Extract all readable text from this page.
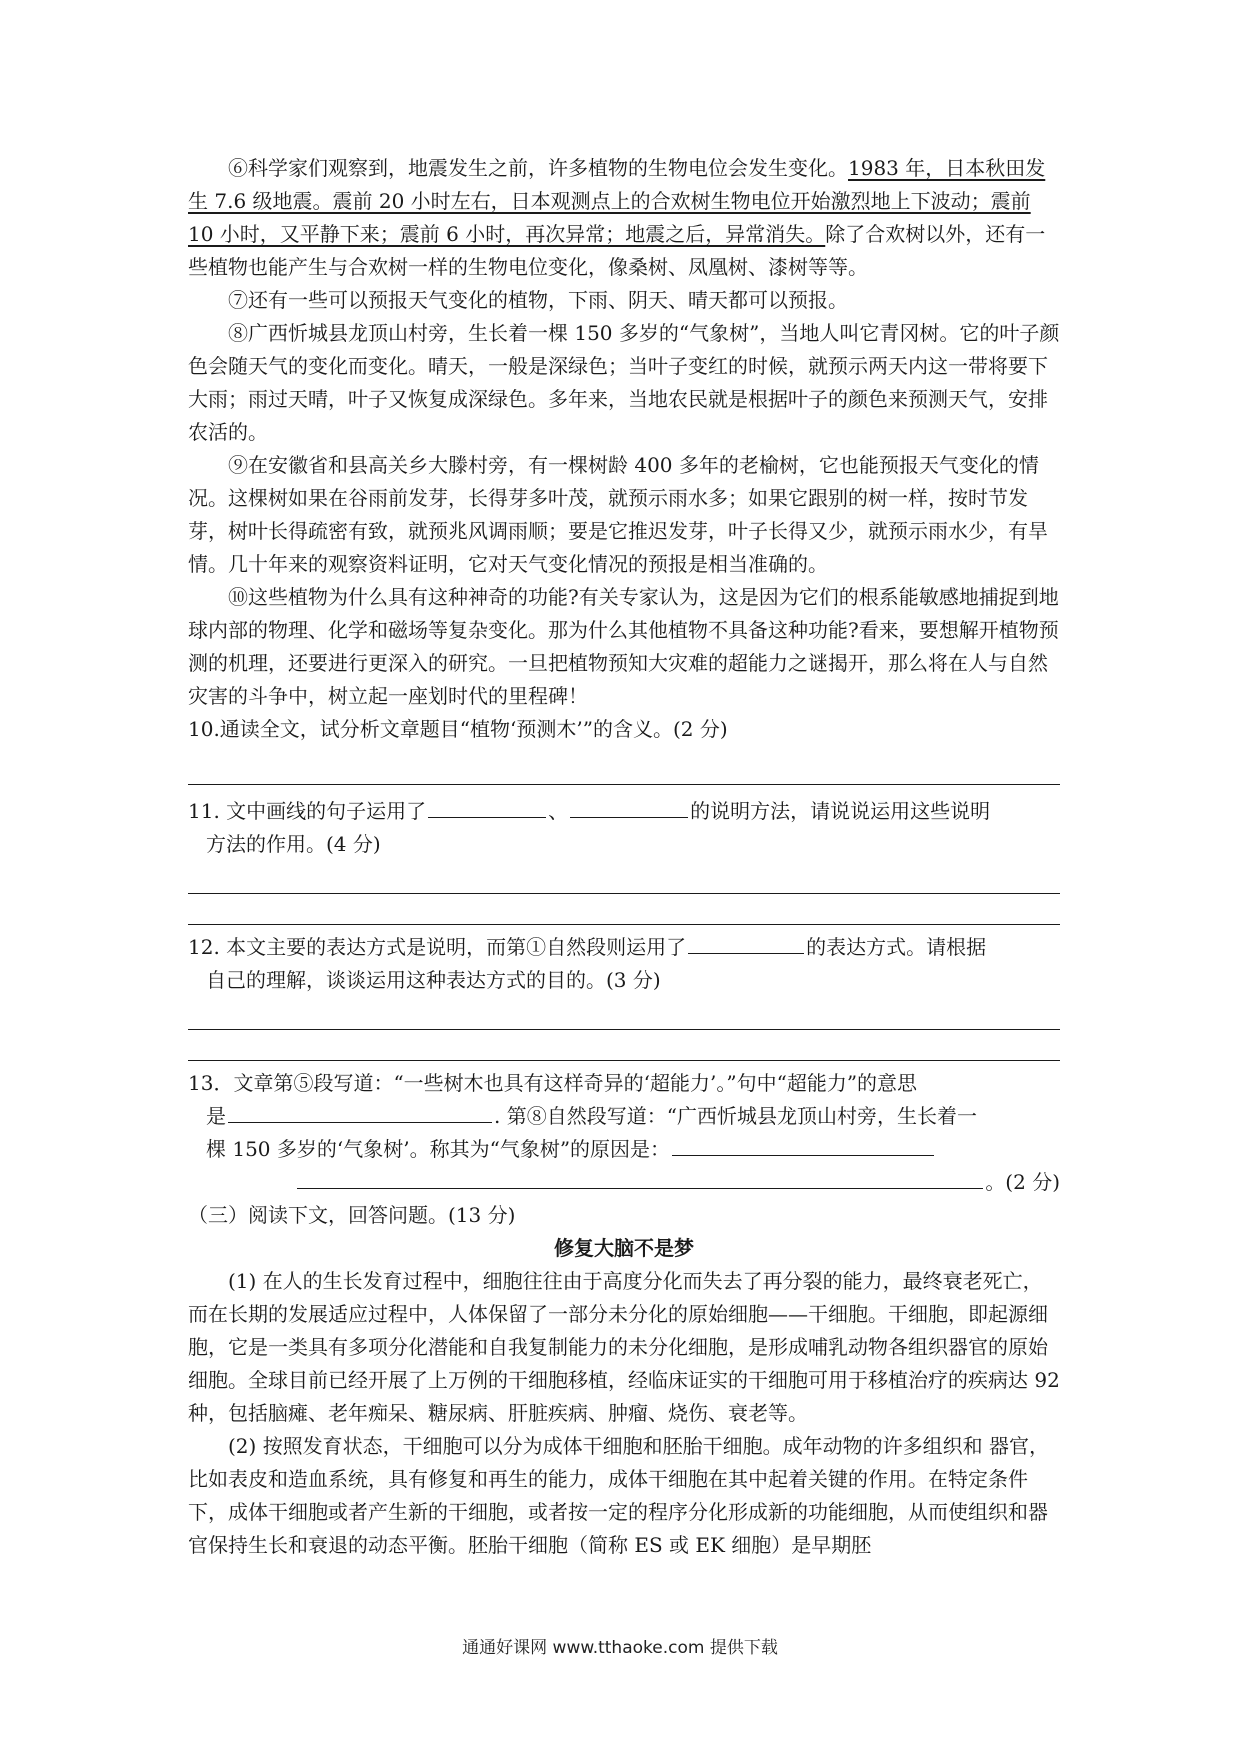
⑥科学家们观察到，地震发生之前，许多植物的生物电位会发生变化。1983 年，日本秋田发生 7.6 级地震。震前 20 小时左右，日本观测点上的合欢树生物电位开始激烈地上下波动；震前 10 小时，又平静下来；震前 6 小时，再次异常；地震之后，异常消失。除了合欢树以外，还有一些植物也能产生与合欢树一样的生物电位变化，像桑树、凤凰树、漆树等等。

⑦还有一些可以预报天气变化的植物，下雨、阴天、晴天都可以预报。

⑧广西忻城县龙顶山村旁，生长着一棵 150 多岁的“气象树”，当地人叫它青冈树。它的叶子颜色会随天气的变化而变化。晴天，一般是深绿色；当叶子变红的时候，就预示两天内这一带将要下大雨；雨过天晴，叶子又恢复成深绿色。多年来，当地农民就是根据叶子的颜色来预测天气，安排农活的。

⑨在安徽省和县高关乡大滕村旁，有一棵树龄 400 多年的老榆树，它也能预报天气变化的情况。这棵树如果在谷雨前发芽，长得芽多叶茂，就预示雨水多；如果它跟别的树一样，按时节发芽，树叶长得疏密有致，就预兆风调雨顺；要是它推迟发芽，叶子长得又少，就预示雨水少，有旱情。几十年来的观察资料证明，它对天气变化情况的预报是相当准确的。

⑩这些植物为什么具有这种神奇的功能?有关专家认为，这是因为它们的根系能敏感地捕捉到地球内部的物理、化学和磁场等复杂变化。那为什么其他植物不具备这种功能?看来，要想解开植物预测的机理，还要进行更深入的研究。一旦把植物预知大灾难的超能力之谜揭开，那么将在人与自然灾害的斗争中，树立起一座划时代的里程碑！

10.通读全文，试分析文章题目“植物‘预测木’”的含义。(2 分)

11. 文中画线的句子运用了	、	的说明方法，请说说运用这些说明

方法的作用。(4 分)

12. 本文主要的表达方式是说明，而第①自然段则运用了	的表达方式。请根据

自己的理解，谈谈运用这种表达方式的目的。(3 分)

13．文章第⑤段写道：“一些树木也具有这样奇异的‘超能力’。”句中“超能力”的意思

是	. 第⑧自然段写道：“广西忻城县龙顶山村旁，生长着一

棵 150 多岁的‘气象树’。称其为“气象树”的原因是：

。(2 分)

（三）阅读下文，回答问题。(13 分)

修复大脑不是梦

(1) 在人的生长发育过程中，细胞往往由于高度分化而失去了再分裂的能力，最终衰老死亡，而在长期的发展适应过程中，人体保留了一部分未分化的原始细胞——干细胞。干细胞，即起源细胞，它是一类具有多项分化潜能和自我复制能力的未分化细胞，是形成哺乳动物各组织器官的原始细胞。全球目前已经开展了上万例的干细胞移植，经临床证实的干细胞可用于移植治疗的疾病达 92 种，包括脑瘫、老年痴呆、糖尿病、肝脏疾病、肿瘤、烧伤、衰老等。

(2) 按照发育状态，干细胞可以分为成体干细胞和胚胎干细胞。成年动物的许多组织和 器官，比如表皮和造血系统，具有修复和再生的能力，成体干细胞在其中起着关键的作用。在特定条件下，成体干细胞或者产生新的干细胞，或者按一定的程序分化形成新的功能细胞，从而使组织和器官保持生长和衰退的动态平衡。胚胎干细胞（简称 ES 或 EK 细胞）是早期胚

通通好课网 www.tthaoke.com 提供下载
